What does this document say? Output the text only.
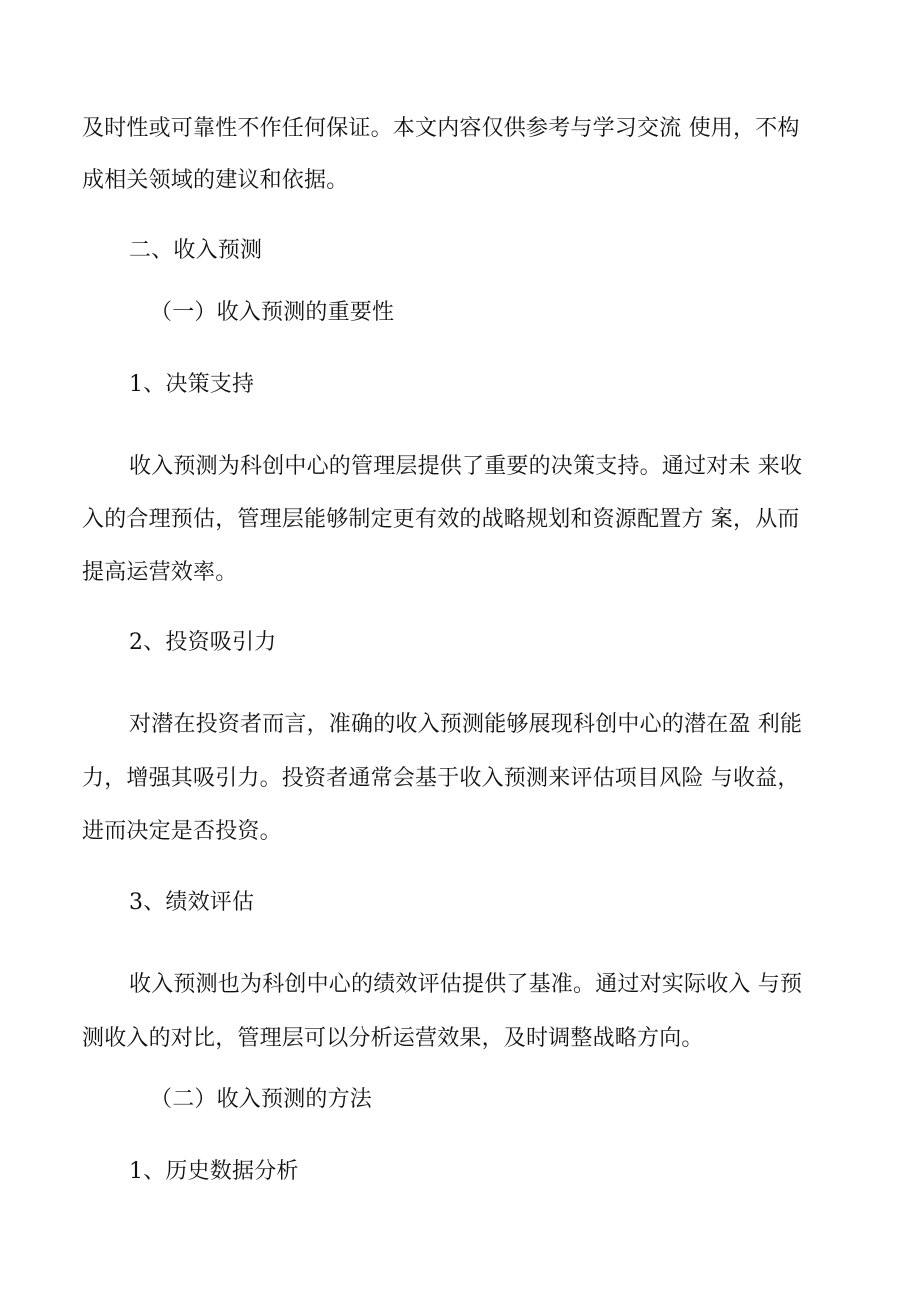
及时性或可靠性不作任何保证。本文内容仅供参考与学习交流 使用，不构
成相关领域的建议和依据。
二、收入预测
（一）收入预测的重要性
1、决策支持
收入预测为科创中心的管理层提供了重要的决策支持。通过对未 来收
入的合理预估，管理层能够制定更有效的战略规划和资源配置方 案，从而
提高运营效率。
2、投资吸引力
对潜在投资者而言，准确的收入预测能够展现科创中心的潜在盈 利能
力，增强其吸引力。投资者通常会基于收入预测来评估项目风险 与收益，
进而决定是否投资。
3、绩效评估
收入预测也为科创中心的绩效评估提供了基准。通过对实际收入 与预
测收入的对比，管理层可以分析运营效果，及时调整战略方向。
（二）收入预测的方法
1、历史数据分析
